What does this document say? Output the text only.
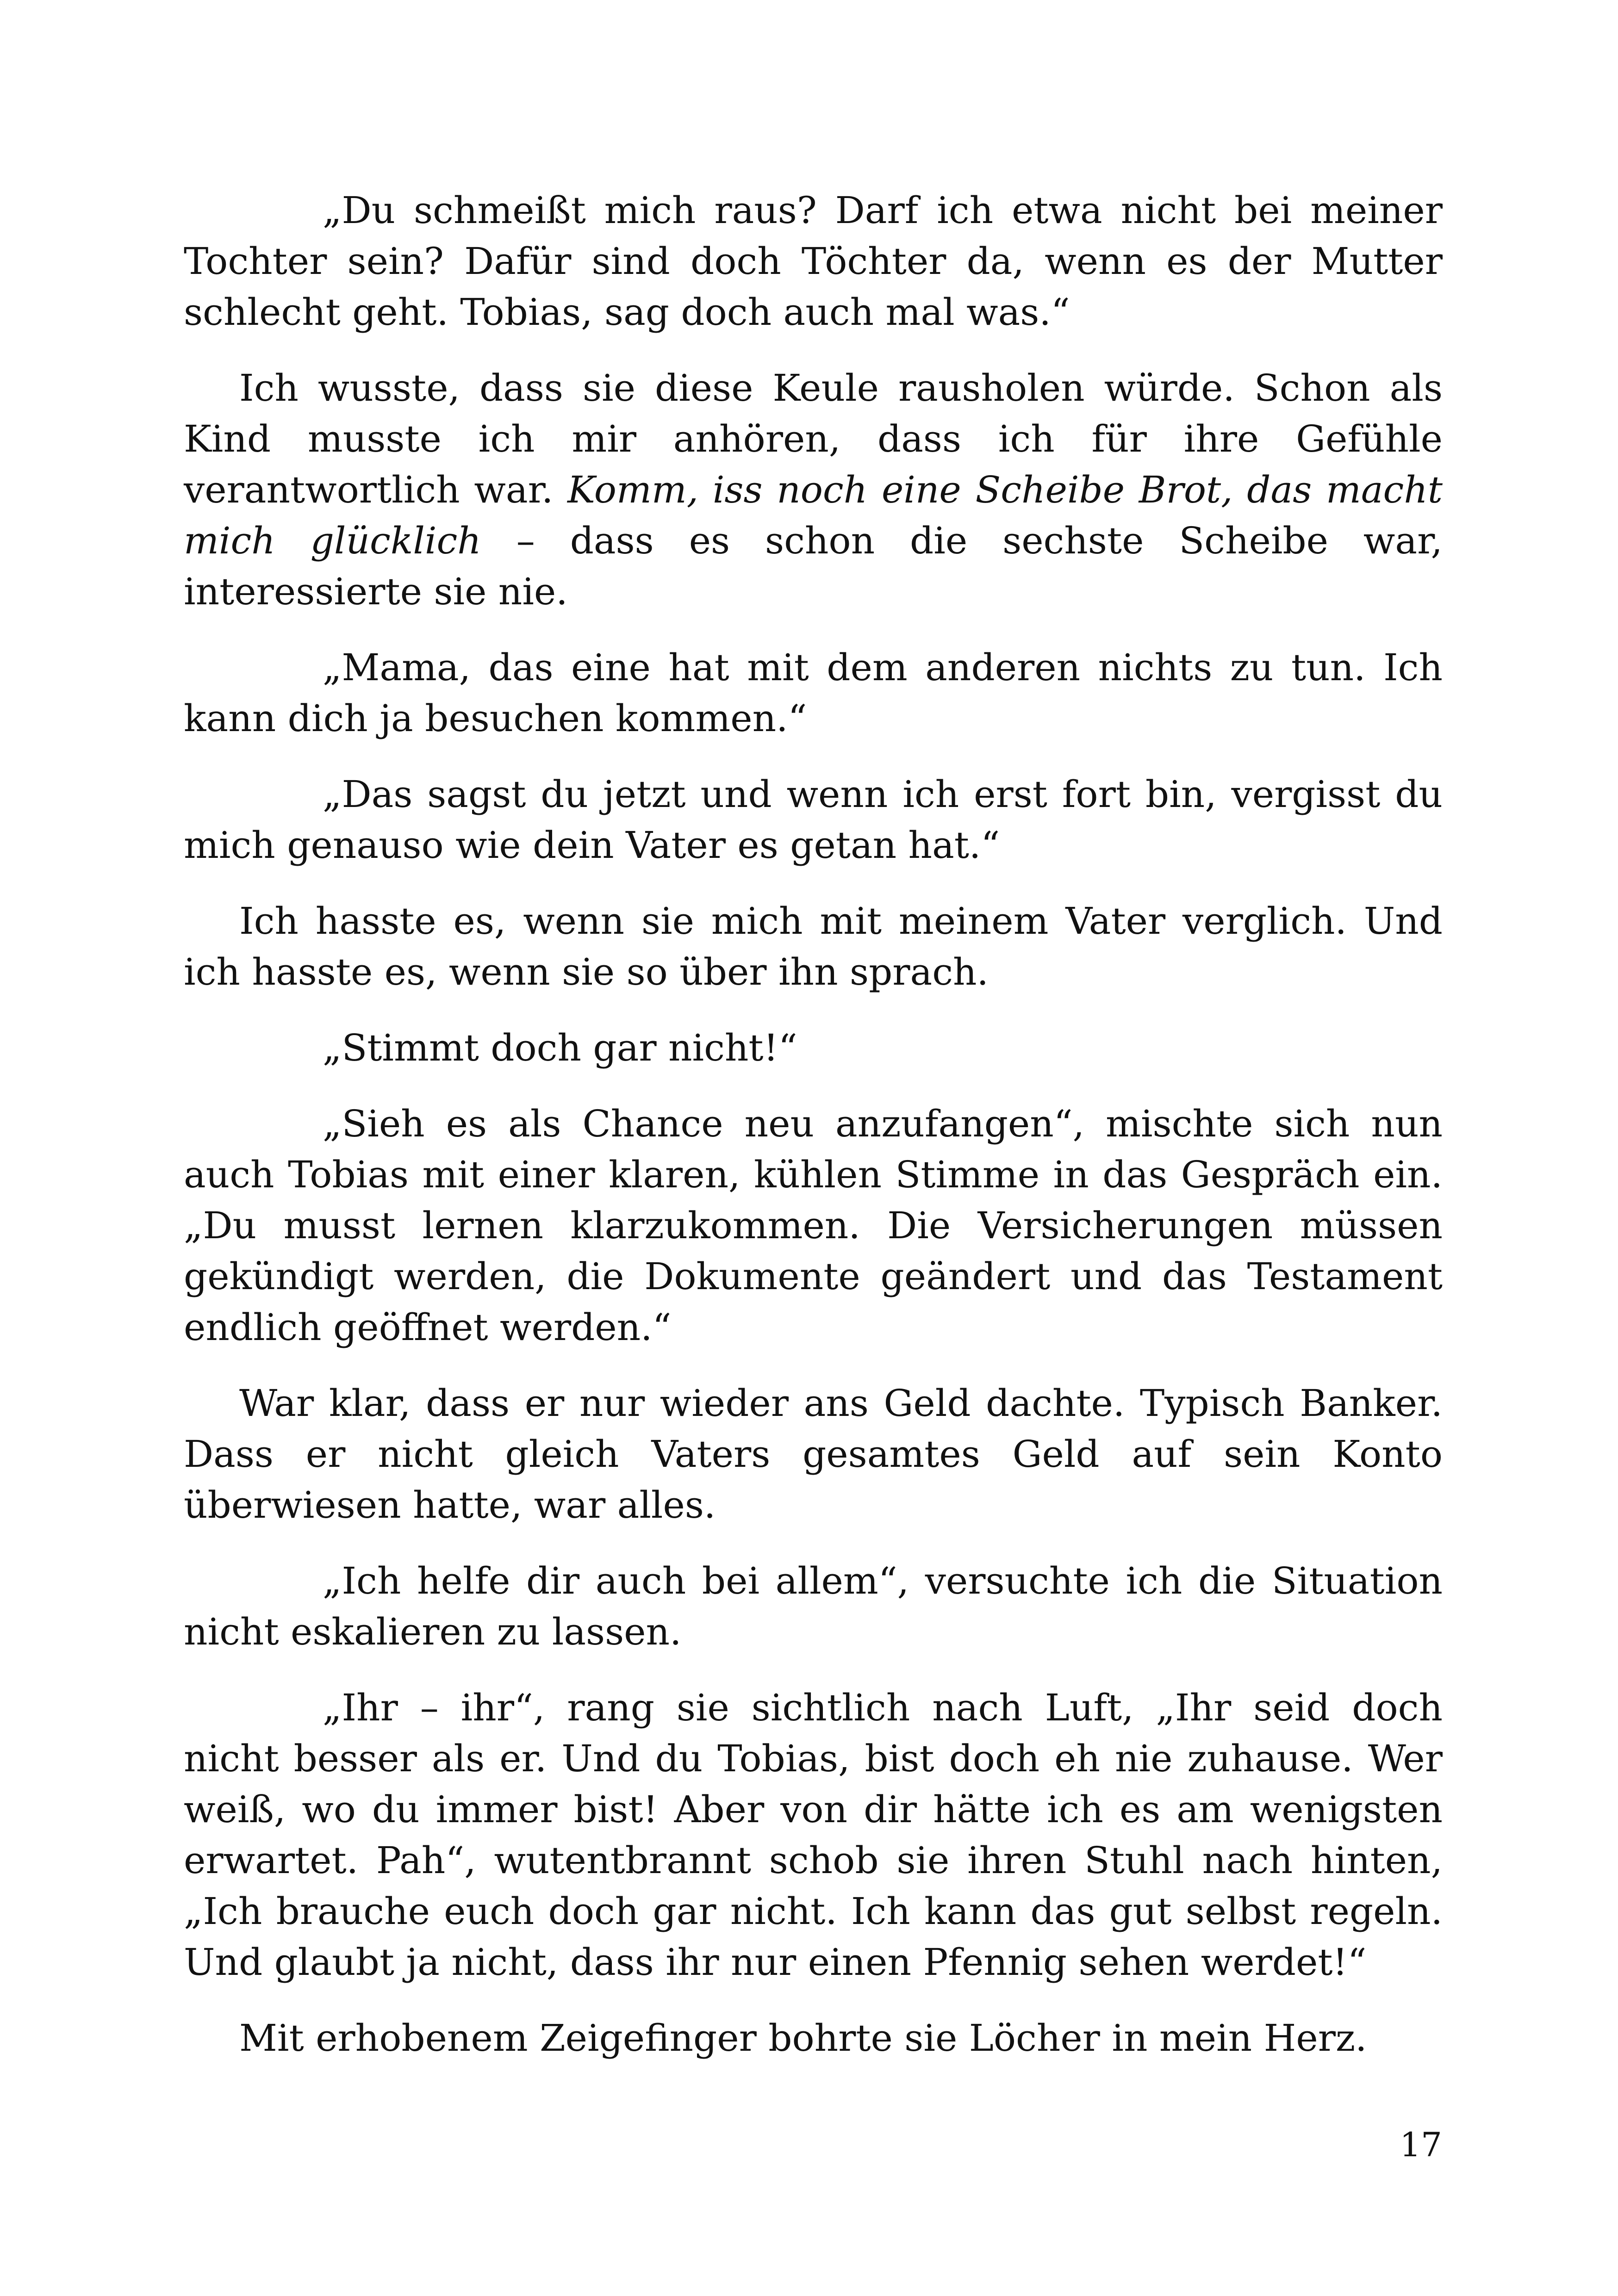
„Du schmeißt mich raus? Darf ich etwa nicht bei meiner Tochter sein? Dafür sind doch Töchter da, wenn es der Mutter schlecht geht. Tobias, sag doch auch mal was.“

Ich wusste, dass sie diese Keule rausholen würde. Schon als Kind musste ich mir anhören, dass ich für ihre Gefühle verantwortlich war. Komm, iss noch eine Scheibe Brot, das macht mich glücklich – dass es schon die sechste Scheibe war, interessierte sie nie.

„Mama, das eine hat mit dem anderen nichts zu tun. Ich kann dich ja besuchen kommen.“

„Das sagst du jetzt und wenn ich erst fort bin, vergisst du mich genauso wie dein Vater es getan hat.“

Ich hasste es, wenn sie mich mit meinem Vater verglich. Und ich hasste es, wenn sie so über ihn sprach.

„Stimmt doch gar nicht!“

„Sieh es als Chance neu anzufangen“, mischte sich nun auch Tobias mit einer klaren, kühlen Stimme in das Gespräch ein. „Du musst lernen klarzukommen. Die Versicherungen müssen gekündigt werden, die Dokumente geändert und das Testament endlich geöffnet werden.“

War klar, dass er nur wieder ans Geld dachte. Typisch Banker. Dass er nicht gleich Vaters gesamtes Geld auf sein Konto überwiesen hatte, war alles.

„Ich helfe dir auch bei allem“, versuchte ich die Situation nicht eskalieren zu lassen.

„Ihr – ihr“, rang sie sichtlich nach Luft, „Ihr seid doch nicht besser als er. Und du Tobias, bist doch eh nie zuhause. Wer weiß, wo du immer bist! Aber von dir hätte ich es am wenigsten erwartet. Pah“, wutentbrannt schob sie ihren Stuhl nach hinten, „Ich brauche euch doch gar nicht. Ich kann das gut selbst regeln. Und glaubt ja nicht, dass ihr nur einen Pfennig sehen werdet!“

Mit erhobenem Zeigefinger bohrte sie Löcher in mein Herz.

17
